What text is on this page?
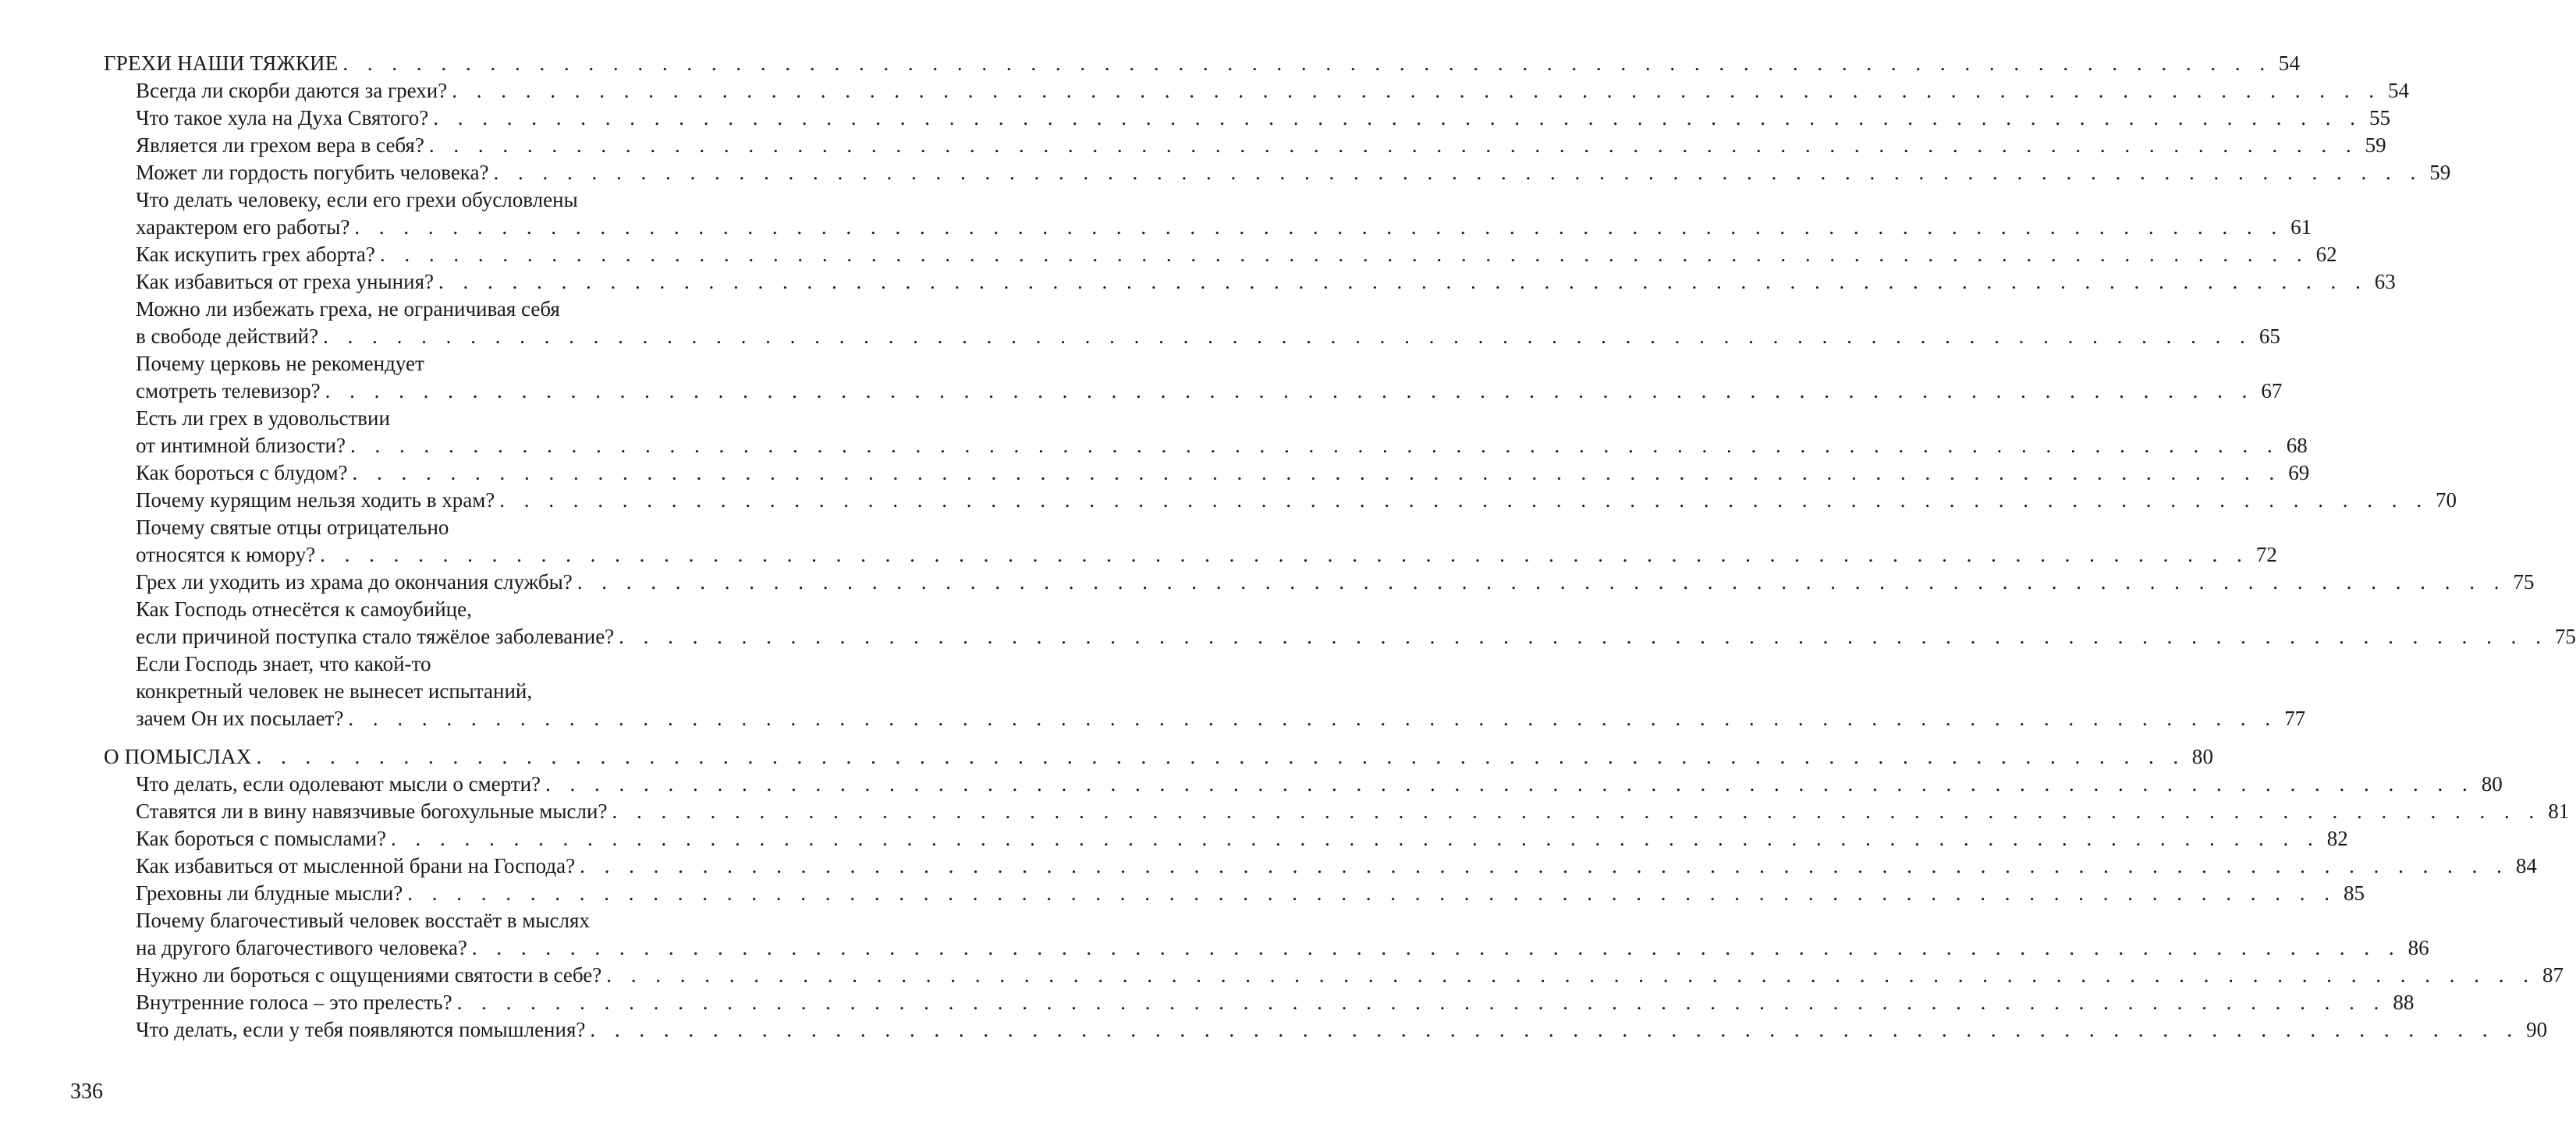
ГРЕХИ НАШИ ТЯЖКИЕ . . . . . . . . . . . . . . . . . . . . . . . . . . . . . . . . . . . . . . . . . . . . . . . . . . . . . . . . . . . . . . . . . . . . . . . . . . . . . . . 54
Всегда ли скорби даются за грехи? . . . . . . . . . . . . . . . . . . . . . . . . . . . . . . . . . . . . . . . . . . . . . . . . . . . . . . . . . . . . . . . . . . . . . . . . . . . . . . . 54
Что такое хула на Духа Святого? . . . . . . . . . . . . . . . . . . . . . . . . . . . . . . . . . . . . . . . . . . . . . . . . . . . . . . . . . . . . . . . . . . . . . . . . . . . . . . . 55
Является ли грехом вера в себя? . . . . . . . . . . . . . . . . . . . . . . . . . . . . . . . . . . . . . . . . . . . . . . . . . . . . . . . . . . . . . . . . . . . . . . . . . . . . . . . 59
Может ли гордость погубить человека? . . . . . . . . . . . . . . . . . . . . . . . . . . . . . . . . . . . . . . . . . . . . . . . . . . . . . . . . . . . . . . . . . . . . . . . . . . . . . . . 59
Что делать человеку, если его грехи обусловлены
характером его работы? . . . . . . . . . . . . . . . . . . . . . . . . . . . . . . . . . . . . . . . . . . . . . . . . . . . . . . . . . . . . . . . . . . . . . . . . . . . . . . . 61
Как искупить грех аборта? . . . . . . . . . . . . . . . . . . . . . . . . . . . . . . . . . . . . . . . . . . . . . . . . . . . . . . . . . . . . . . . . . . . . . . . . . . . . . . . 62
Как избавиться от греха уныния? . . . . . . . . . . . . . . . . . . . . . . . . . . . . . . . . . . . . . . . . . . . . . . . . . . . . . . . . . . . . . . . . . . . . . . . . . . . . . . . 63
Можно ли избежать греха, не ограничивая себя
в свободе действий? . . . . . . . . . . . . . . . . . . . . . . . . . . . . . . . . . . . . . . . . . . . . . . . . . . . . . . . . . . . . . . . . . . . . . . . . . . . . . . . 65
Почему церковь не рекомендует
смотреть телевизор? . . . . . . . . . . . . . . . . . . . . . . . . . . . . . . . . . . . . . . . . . . . . . . . . . . . . . . . . . . . . . . . . . . . . . . . . . . . . . . . 67
Есть ли грех в удовольствии
от интимной близости? . . . . . . . . . . . . . . . . . . . . . . . . . . . . . . . . . . . . . . . . . . . . . . . . . . . . . . . . . . . . . . . . . . . . . . . . . . . . . . . 68
Как бороться с блудом? . . . . . . . . . . . . . . . . . . . . . . . . . . . . . . . . . . . . . . . . . . . . . . . . . . . . . . . . . . . . . . . . . . . . . . . . . . . . . . . 69
Почему курящим нельзя ходить в храм? . . . . . . . . . . . . . . . . . . . . . . . . . . . . . . . . . . . . . . . . . . . . . . . . . . . . . . . . . . . . . . . . . . . . . . . . . . . . . . . 70
Почему святые отцы отрицательно
относятся к юмору? . . . . . . . . . . . . . . . . . . . . . . . . . . . . . . . . . . . . . . . . . . . . . . . . . . . . . . . . . . . . . . . . . . . . . . . . . . . . . . . 72
Грех ли уходить из храма до окончания службы? . . . . . . . . . . . . . . . . . . . . . . . . . . . . . . . . . . . . . . . . . . . . . . . . . . . . . . . . . . . . . . . . . . . . . . . . . . . . . . . 75
Как Господь отнесётся к самоубийце,
если причиной поступка стало тяжёлое заболевание? . . . . . . . . . . . . . . . . . . . . . . . . . . . . . . . . . . . . . . . . . . . . . . . . . . . . . . . . . . . . . . . . . . . . . . . . . . . . . . . 75
Если Господь знает, что какой-то
конкретный человек не вынесет испытаний,
зачем Он их посылает? . . . . . . . . . . . . . . . . . . . . . . . . . . . . . . . . . . . . . . . . . . . . . . . . . . . . . . . . . . . . . . . . . . . . . . . . . . . . . . . 77
О ПОМЫСЛАХ . . . . . . . . . . . . . . . . . . . . . . . . . . . . . . . . . . . . . . . . . . . . . . . . . . . . . . . . . . . . . . . . . . . . . . . . . . . . . . . 80
Что делать, если одолевают мысли о смерти? . . . . . . . . . . . . . . . . . . . . . . . . . . . . . . . . . . . . . . . . . . . . . . . . . . . . . . . . . . . . . . . . . . . . . . . . . . . . . . . 80
Ставятся ли в вину навязчивые богохульные мысли? . . . . . . . . . . . . . . . . . . . . . . . . . . . . . . . . . . . . . . . . . . . . . . . . . . . . . . . . . . . . . . . . . . . . . . . . . . . . . . . 81
Как бороться с помыслами? . . . . . . . . . . . . . . . . . . . . . . . . . . . . . . . . . . . . . . . . . . . . . . . . . . . . . . . . . . . . . . . . . . . . . . . . . . . . . . . 82
Как избавиться от мысленной брани на Господа? . . . . . . . . . . . . . . . . . . . . . . . . . . . . . . . . . . . . . . . . . . . . . . . . . . . . . . . . . . . . . . . . . . . . . . . . . . . . . . . 84
Греховны ли блудные мысли? . . . . . . . . . . . . . . . . . . . . . . . . . . . . . . . . . . . . . . . . . . . . . . . . . . . . . . . . . . . . . . . . . . . . . . . . . . . . . . . 85
Почему благочестивый человек восстаёт в мыслях
на другого благочестивого человека? . . . . . . . . . . . . . . . . . . . . . . . . . . . . . . . . . . . . . . . . . . . . . . . . . . . . . . . . . . . . . . . . . . . . . . . . . . . . . . . 86
Нужно ли бороться с ощущениями святости в себе? . . . . . . . . . . . . . . . . . . . . . . . . . . . . . . . . . . . . . . . . . . . . . . . . . . . . . . . . . . . . . . . . . . . . . . . . . . . . . . . 87
Внутренние голоса – это прелесть? . . . . . . . . . . . . . . . . . . . . . . . . . . . . . . . . . . . . . . . . . . . . . . . . . . . . . . . . . . . . . . . . . . . . . . . . . . . . . . . 88
Что делать, если у тебя появляются помышления? . . . . . . . . . . . . . . . . . . . . . . . . . . . . . . . . . . . . . . . . . . . . . . . . . . . . . . . . . . . . . . . . . . . . . . . . . . . . . . . 90
336
